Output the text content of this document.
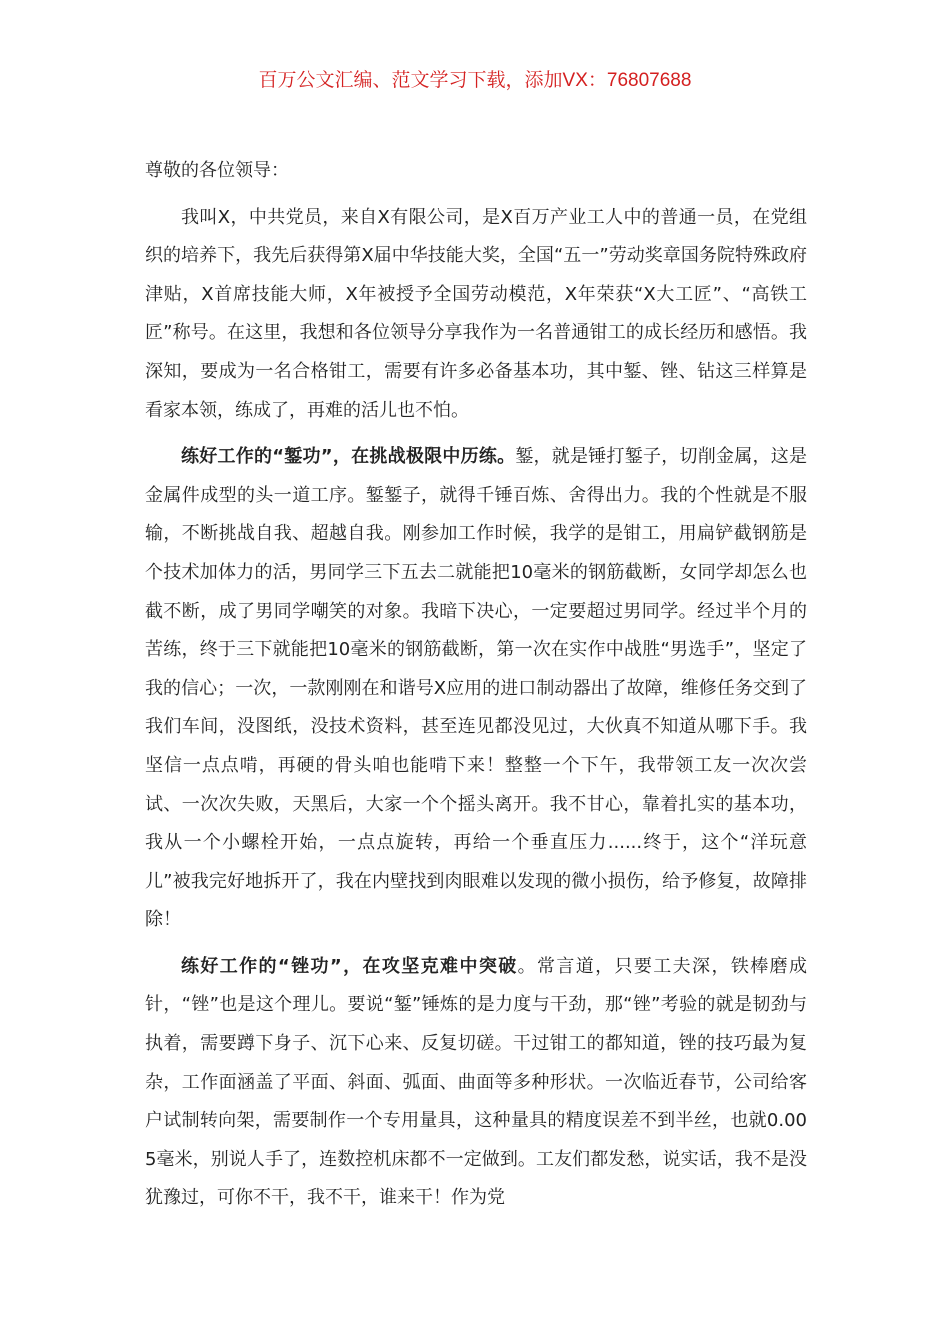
百万公文汇编、范文学习下载，添加VX：76807688

尊敬的各位领导：

我叫X，中共党员，来自X有限公司，是X百万产业工人中的普通一员，在党组织的培养下，我先后获得第X届中华技能大奖，全国“五一”劳动奖章国务院特殊政府津贴，X首席技能大师，X年被授予全国劳动模范，X年荣获“X大工匠”、“高铁工匠”称号。在这里，我想和各位领导分享我作为一名普通钳工的成长经历和感悟。我深知，要成为一名合格钳工，需要有许多必备基本功，其中錾、锉、钻这三样算是看家本领，练成了，再难的活儿也不怕。

练好工作的“錾功”，在挑战极限中历练。錾，就是锤打錾子，切削金属，这是金属件成型的头一道工序。錾錾子，就得千锤百炼、舍得出力。我的个性就是不服输，不断挑战自我、超越自我。刚参加工作时候，我学的是钳工，用扁铲截钢筋是个技术加体力的活，男同学三下五去二就能把10毫米的钢筋截断，女同学却怎么也截不断，成了男同学嘲笑的对象。我暗下决心，一定要超过男同学。经过半个月的苦练，终于三下就能把10毫米的钢筋截断，第一次在实作中战胜“男选手”，坚定了我的信心；一次，一款刚刚在和谐号X应用的进口制动器出了故障，维修任务交到了我们车间，没图纸，没技术资料，甚至连见都没见过，大伙真不知道从哪下手。我坚信一点点啃，再硬的骨头咱也能啃下来！整整一个下午，我带领工友一次次尝试、一次次失败，天黑后，大家一个个摇头离开。我不甘心，靠着扎实的基本功，我从一个小螺栓开始，一点点旋转，再给一个垂直压力......终于，这个“洋玩意儿”被我完好地拆开了，我在内壁找到肉眼难以发现的微小损伤，给予修复，故障排除！

练好工作的“锉功”，在攻坚克难中突破。常言道，只要工夫深，铁棒磨成针，“锉”也是这个理儿。要说“錾”锤炼的是力度与干劲，那“锉”考验的就是韧劲与执着，需要蹲下身子、沉下心来、反复切磋。干过钳工的都知道，锉的技巧最为复杂，工作面涵盖了平面、斜面、弧面、曲面等多种形状。一次临近春节，公司给客户试制转向架，需要制作一个专用量具，这种量具的精度误差不到半丝，也就0.005毫米，别说人手了，连数控机床都不一定做到。工友们都发愁，说实话，我不是没犹豫过，可你不干，我不干，谁来干！作为党
